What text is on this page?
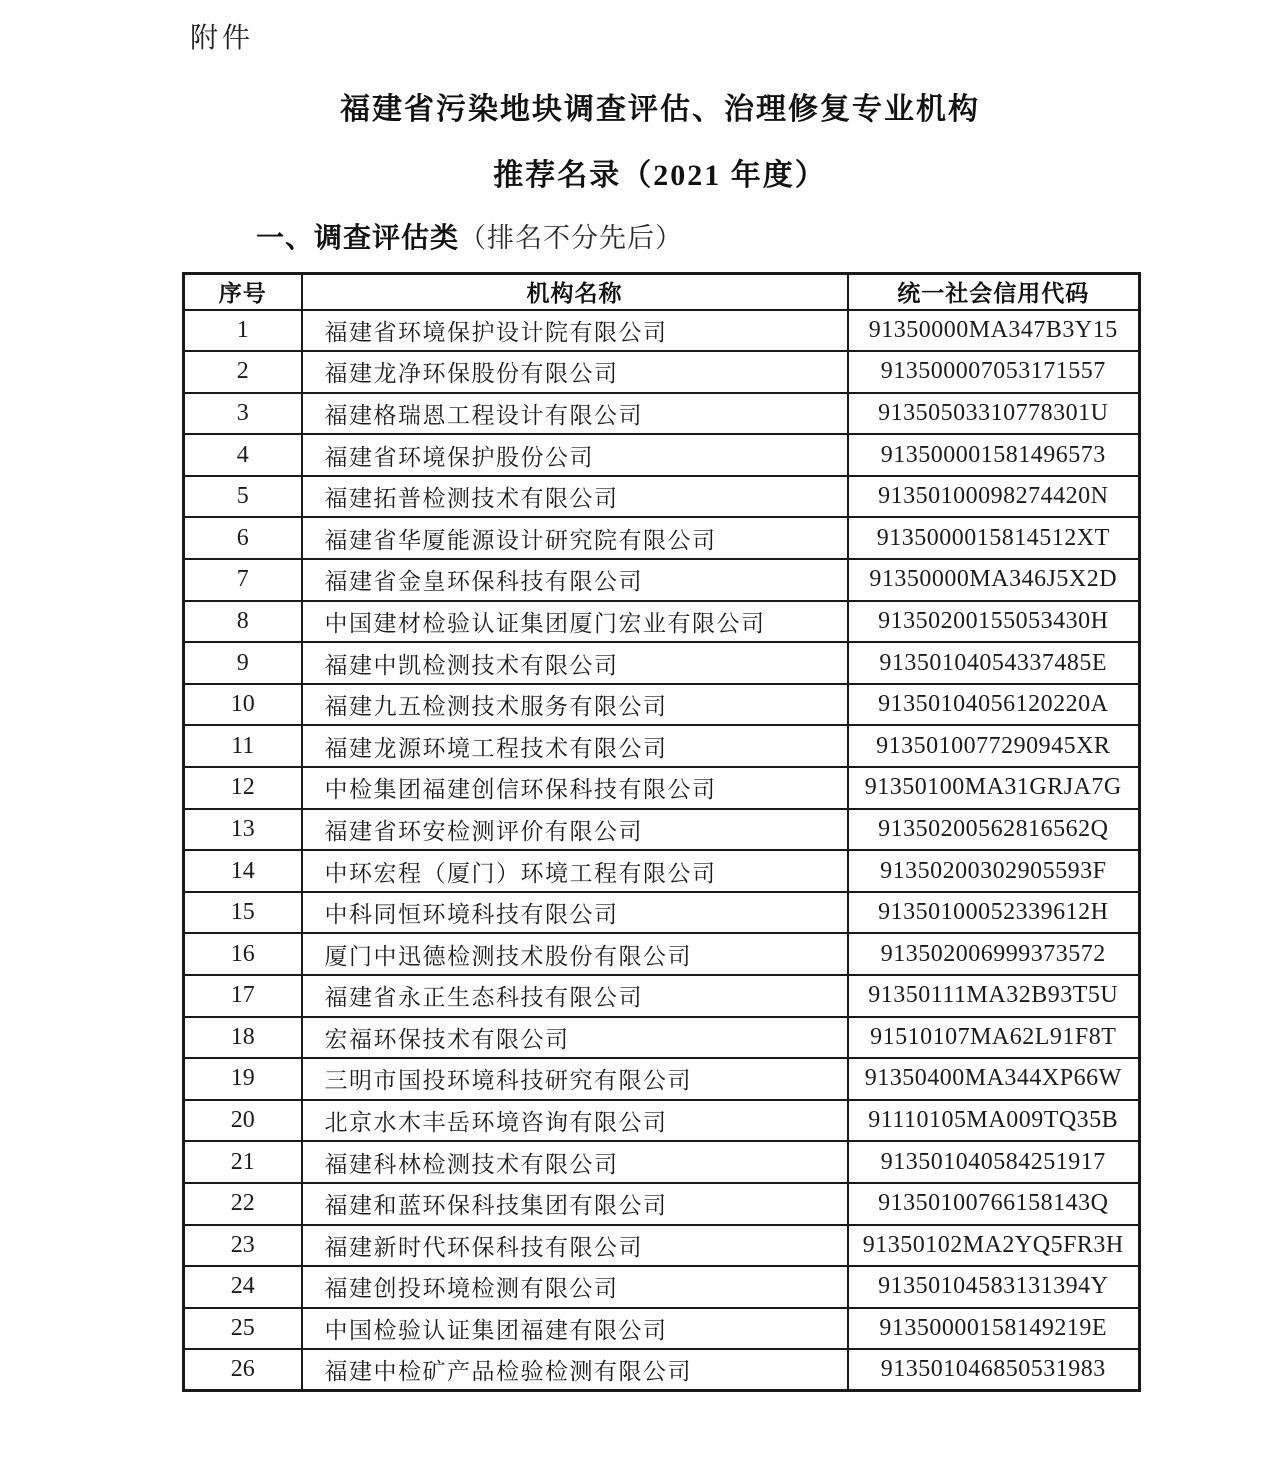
附件
福建省污染地块调查评估、治理修复专业机构
推荐名录（2021 年度）
一、调查评估类（排名不分先后）
序号	机构名称	统一社会信用代码
1	福建省环境保护设计院有限公司	91350000MA347B3Y15
2	福建龙净环保股份有限公司	913500007053171557
3	福建格瑞恩工程设计有限公司	91350503310778301U
4	福建省环境保护股份公司	913500001581496573
5	福建拓普检测技术有限公司	91350100098274420N
6	福建省华厦能源设计研究院有限公司	9135000015814512XT
7	福建省金皇环保科技有限公司	91350000MA346J5X2D
8	中国建材检验认证集团厦门宏业有限公司	91350200155053430H
9	福建中凯检测技术有限公司	91350104054337485E
10	福建九五检测技术服务有限公司	91350104056120220A
11	福建龙源环境工程技术有限公司	9135010077290945XR
12	中检集团福建创信环保科技有限公司	91350100MA31GRJA7G
13	福建省环安检测评价有限公司	91350200562816562Q
14	中环宏程（厦门）环境工程有限公司	91350200302905593F
15	中科同恒环境科技有限公司	91350100052339612H
16	厦门中迅德检测技术股份有限公司	913502006999373572
17	福建省永正生态科技有限公司	91350111MA32B93T5U
18	宏福环保技术有限公司	91510107MA62L91F8T
19	三明市国投环境科技研究有限公司	91350400MA344XP66W
20	北京水木丰岳环境咨询有限公司	91110105MA009TQ35B
21	福建科林检测技术有限公司	913501040584251917
22	福建和蓝环保科技集团有限公司	91350100766158143Q
23	福建新时代环保科技有限公司	91350102MA2YQ5FR3H
24	福建创投环境检测有限公司	91350104583131394Y
25	中国检验认证集团福建有限公司	91350000158149219E
26	福建中检矿产品检验检测有限公司	913501046850531983
